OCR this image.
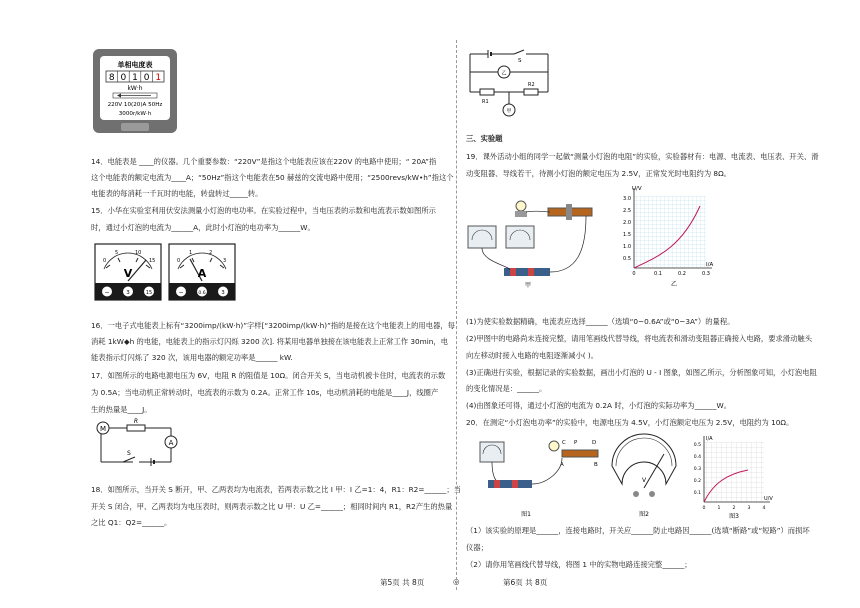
单相电度表
8 0 1 0 1
kW·h
220V 10(20)A 50Hz
3000r/kW·h
14．电能表是 ____的仪器。几个重要参数：“220V”是指这个电能表应该在220V 的电路中使用；“ 20A”指
这个电能表的额定电流为____A；“50Hz”指这个电能表在50 赫兹的交流电路中使用；“2500revs/kW•h”指这个
电能表的每消耗一千瓦时的电能，转盘转过_____转。
15．小华在实验室利用伏安法测量小灯泡的电功率。在实验过程中，当电压表的示数和电流表示数如图所示
时，通过小灯泡的电流为______A，此时小灯泡的电功率为______W。
0
5	10
15
V
−	3	15
0
1	2
3
A
−	0.6	3
16．一电子式电能表上标有“3200imp/(kW·h)”字样[“3200imp/(kW·h)”指的是接在这个电能表上的用电器，每
消耗 1kW◆h 的电能，电能表上的指示灯闪烁 3200 次]. 将某用电器单独接在该电能表上正常工作 30min，电
能表指示灯闪烁了 320 次，该用电器的额定功率是______ kW.
17．如图所示的电路电源电压为 6V，电阻 R 的阻值是 10Ω。闭合开关 S，当电动机被卡住时，电流表的示数
为 0.5A；当电动机正常转动时，电流表的示数为 0.2A。正常工作 10s，电动机消耗的电能是____J，线圈产
生的热量是____J。
M
R
A
S
18．如图所示，当开关 S 断开，甲、乙两表均为电流表，若两表示数之比 I 甲：I 乙=1：4，R1：R2=______；当
开关 S 闭合，甲、乙两表均为电压表时，则两表示数之比 U 甲：U 乙=______；相同时间内 R1，R2产生的热量
之比 Q1：Q2=______。
第5页 共 8页	◎
S
乙
R1
R2
甲
三、实验题
19．课外活动小组的同学一起做“测量小灯泡的电阻”的实验，实验器材有：电源、电流表、电压表、开关、滑
动变阻器、导线若干，待测小灯泡的额定电压为 2.5V，正常发光时电阻约为 8Ω。
甲
U/V
I/A
3.0
2.5
2.0
1.5
1.0
0.5
0	0.1	0.2	0.3
乙
(1)为使实验数据精确，电流表应选择______（选填“0~0.6A”或“0~3A”）的量程。
(2)甲图中的电路尚未连接完整，请用笔画线代替导线，将电流表和滑动变阻器正确接入电路，要求滑动触头
向左移动时接入电路的电阻逐渐减小( )。
(3)正确进行实验，根据记录的实验数据，画出小灯泡的 U - I 图象，如图乙所示，分析图象可知，小灯泡电阻
的变化情况是：______。
(4)由图象还可得，通过小灯泡的电流为 0.2A 时，小灯泡的实际功率为______W。
20．在测定“小灯泡电功率”的实验中，电源电压为 4.5V，小灯泡额定电压为 2.5V，电阻约为 10Ω。
C P	D
A	B
图1
V
图2
I/A
U/V
0.5
0.4
0.3
0.2
0.1
0	1	2	3	4
图3
（1）该实验的原理是______，连接电路时，开关应______防止电路因______(选填“断路”或“短路”）而损坏
仪器；
（2）请你用笔画线代替导线，将图 1 中的实物电路连接完整______；
第6页 共 8页
